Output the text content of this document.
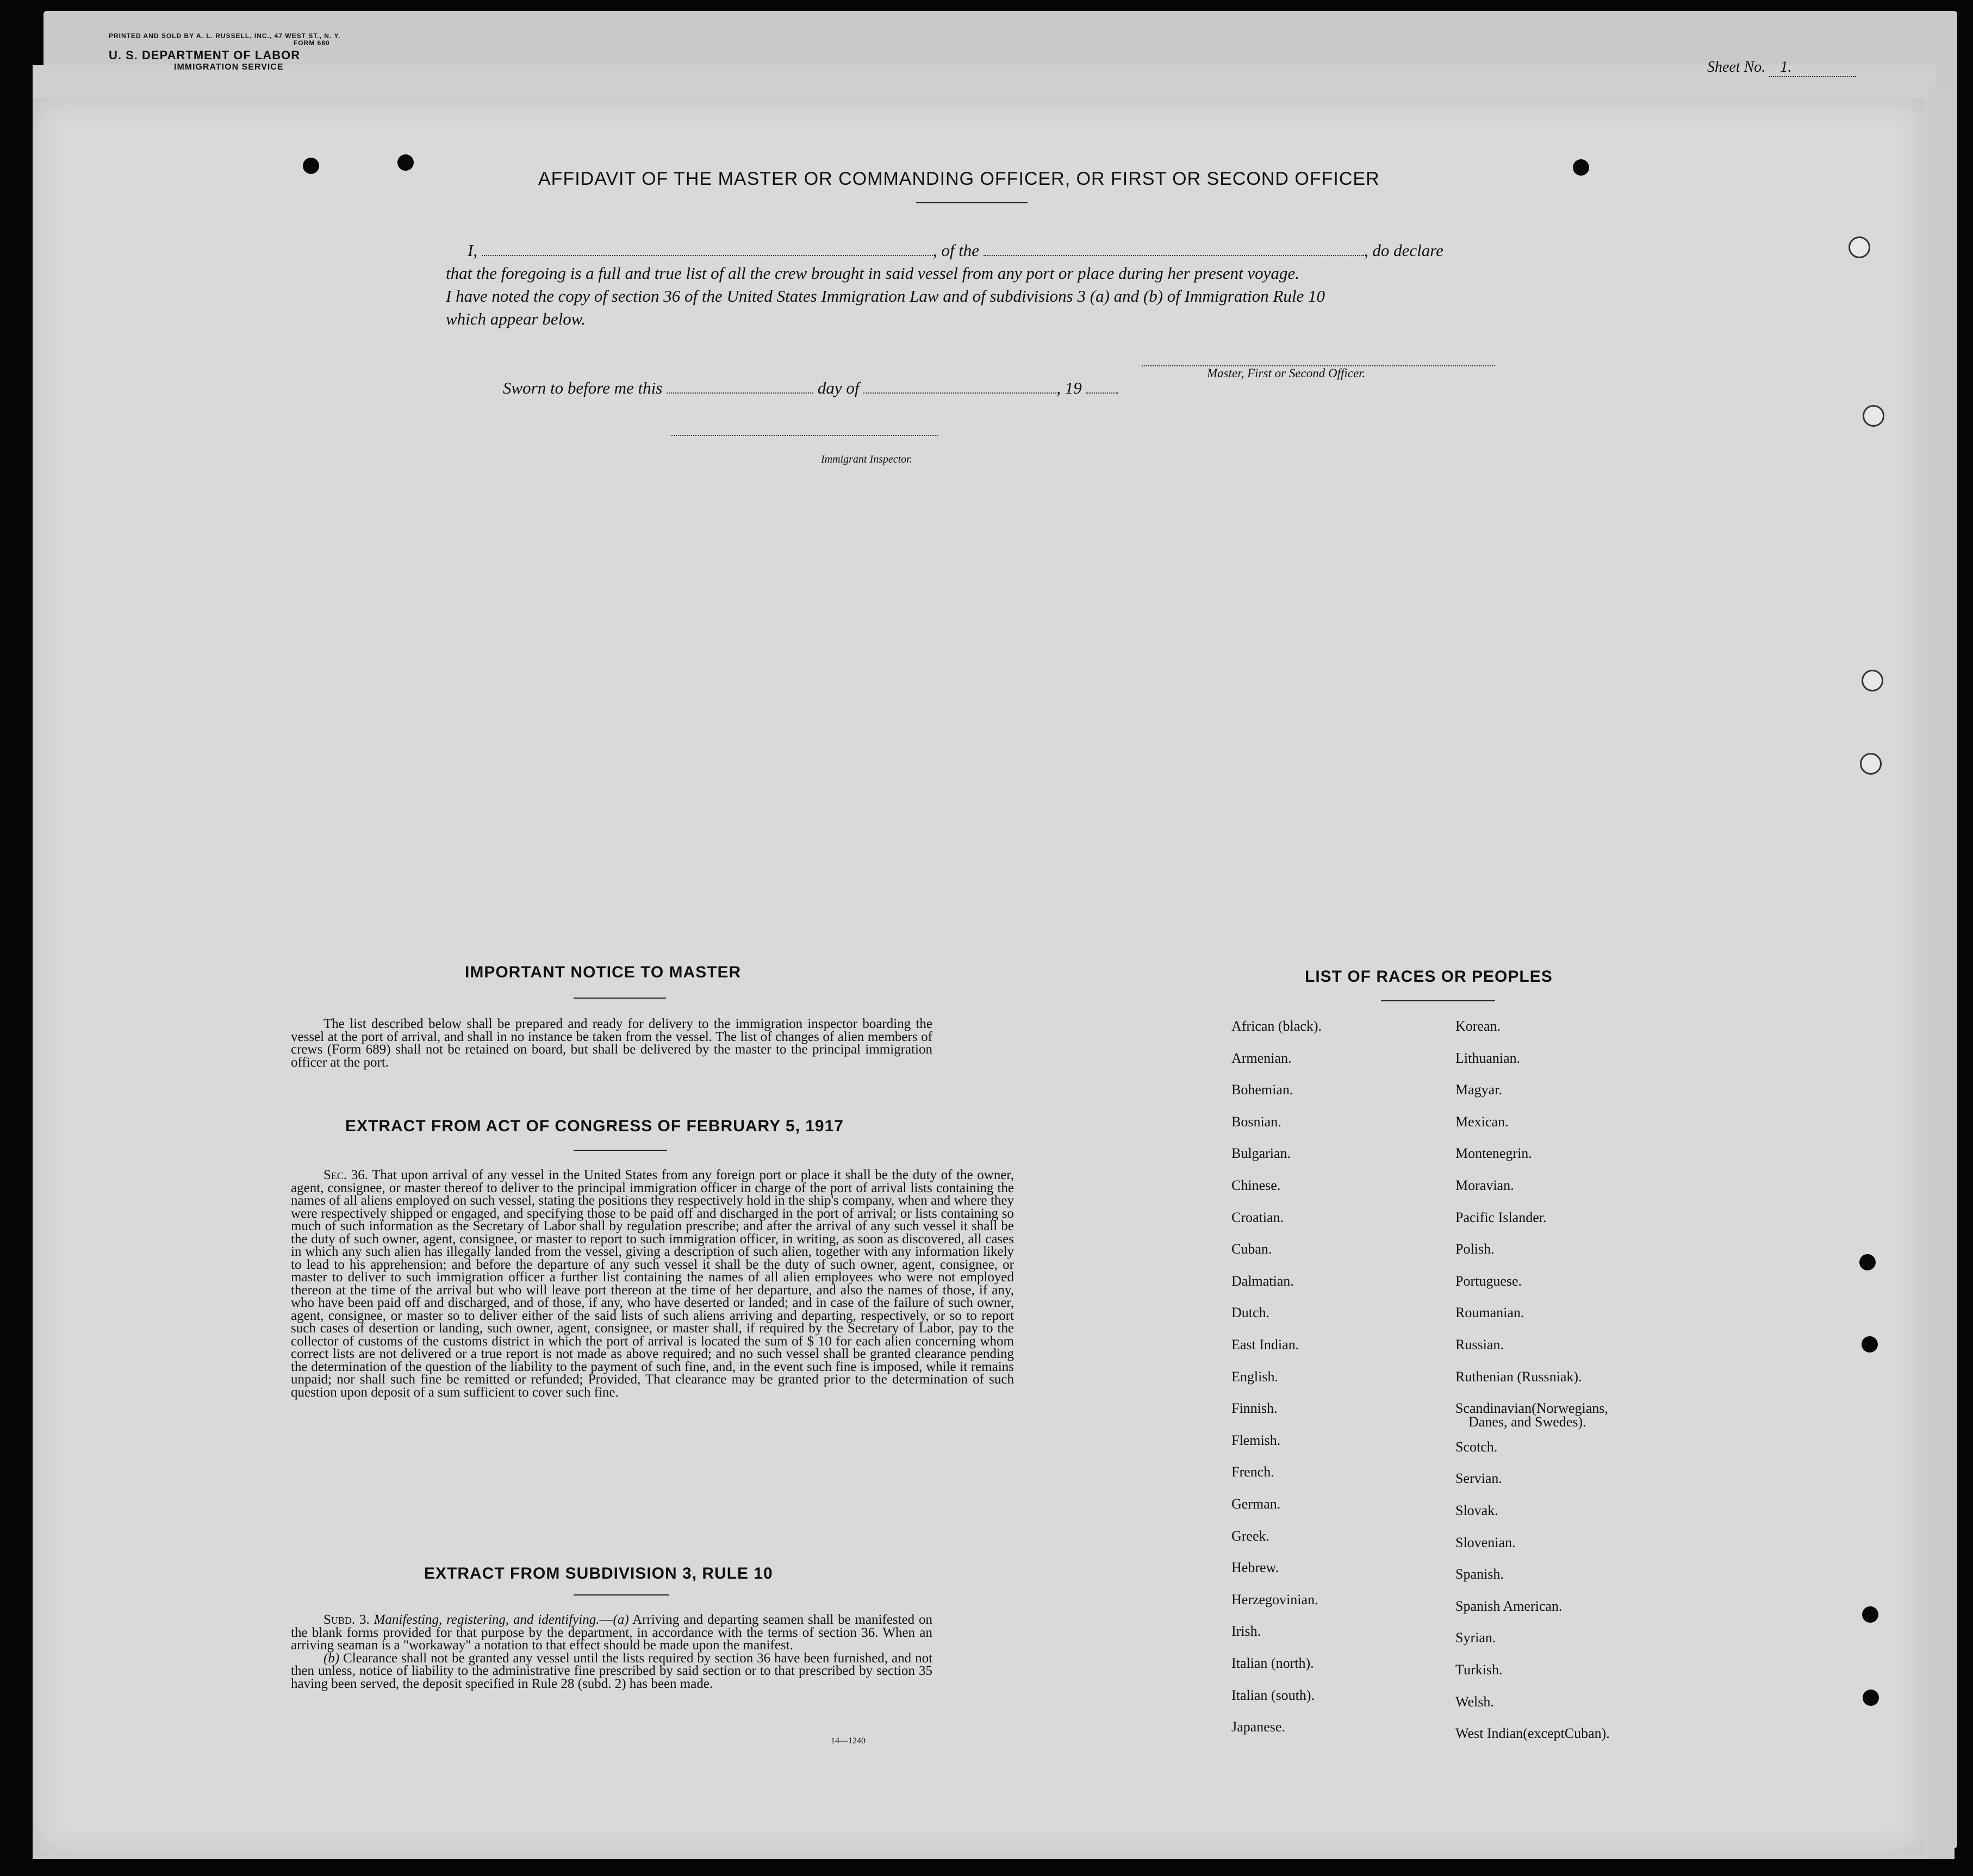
PRINTED AND SOLD BY A. L. RUSSELL, INC., 47 WEST ST., N. Y.
FORM 680
U. S. DEPARTMENT OF LABOR
IMMIGRATION SERVICE	Sheet No. 1.
AFFIDAVIT OF THE MASTER OR COMMANDING OFFICER, OR FIRST OR SECOND OFFICER
I,	, of the	, do declare
that the foregoing is a full and true list of all the crew brought in said vessel from any port or place during her present voyage.
I have noted the copy of section 36 of the United States Immigration Law and of subdivisions 3 (a) and (b) of Immigration Rule 10
which appear below.
Master, First or Second Officer.
Sworn to before me this	day of	, 19
Immigrant Inspector.
IMPORTANT NOTICE TO MASTER
The list described below shall be prepared and ready for delivery to the immigration inspector boarding the vessel at the port of arrival, and shall in no instance be taken from the vessel. The list of changes of alien members of crews (Form 689) shall not be retained on board, but shall be delivered by the master to the principal immigration officer at the port.
EXTRACT FROM ACT OF CONGRESS OF FEBRUARY 5, 1917
Sec. 36. That upon arrival of any vessel in the United States from any foreign port or place it shall be the duty of the owner, agent, consignee, or master thereof to deliver to the principal immigration officer in charge of the port of arrival lists containing the names of all aliens employed on such vessel, stating the positions they respectively hold in the ship's company, when and where they were respectively shipped or engaged, and specifying those to be paid off and discharged in the port of arrival; or lists containing so much of such information as the Secretary of Labor shall by regulation prescribe; and after the arrival of any such vessel it shall be the duty of such owner, agent, consignee, or master to report to such immigration officer, in writing, as soon as discovered, all cases in which any such alien has illegally landed from the vessel, giving a description of such alien, together with any information likely to lead to his apprehension; and before the departure of any such vessel it shall be the duty of such owner, agent, consignee, or master to deliver to such immigration officer a further list containing the names of all alien employees who were not employed thereon at the time of the arrival but who will leave port thereon at the time of her departure, and also the names of those, if any, who have been paid off and discharged, and of those, if any, who have deserted or landed; and in case of the failure of such owner, agent, consignee, or master so to deliver either of the said lists of such aliens arriving and departing, respectively, or so to report such cases of desertion or landing, such owner, agent, consignee, or master shall, if required by the Secretary of Labor, pay to the collector of customs of the customs district in which the port of arrival is located the sum of $ 10 for each alien concerning whom correct lists are not delivered or a true report is not made as above required; and no such vessel shall be granted clearance pending the determination of the question of the liability to the payment of such fine, and, in the event such fine is imposed, while it remains unpaid; nor shall such fine be remitted or refunded; Provided, That clearance may be granted prior to the determination of such question upon deposit of a sum sufficient to cover such fine.
EXTRACT FROM SUBDIVISION 3, RULE 10
Subd. 3. Manifesting, registering, and identifying.—(a) Arriving and departing seamen shall be manifested on the blank forms provided for that purpose by the department, in accordance with the terms of section 36. When an arriving seaman is a "workaway" a notation to that effect should be made upon the manifest.
(b) Clearance shall not be granted any vessel until the lists required by section 36 have been furnished, and not then unless, notice of liability to the administrative fine prescribed by said section or to that prescribed by section 35 having been served, the deposit specified in Rule 28 (subd. 2) has been made.
14—1240
LIST OF RACES OR PEOPLES
African (black).
Armenian.
Bohemian.
Bosnian.
Bulgarian.
Chinese.
Croatian.
Cuban.
Dalmatian.
Dutch.
East Indian.
English.
Finnish.
Flemish.
French.
German.
Greek.
Hebrew.
Herzegovinian.
Irish.
Italian (north).
Italian (south).
Japanese.
Korean.
Lithuanian.
Magyar.
Mexican.
Montenegrin.
Moravian.
Pacific Islander.
Polish.
Portuguese.
Roumanian.
Russian.
Ruthenian (Russniak).
Scandinavian(Norwegians,
Scotch.
Servian.
Slovak.
Slovenian.
Spanish.
Spanish American.
Syrian.
Turkish.
Welsh.
West Indian(exceptCuban).
Danes, and Swedes).
